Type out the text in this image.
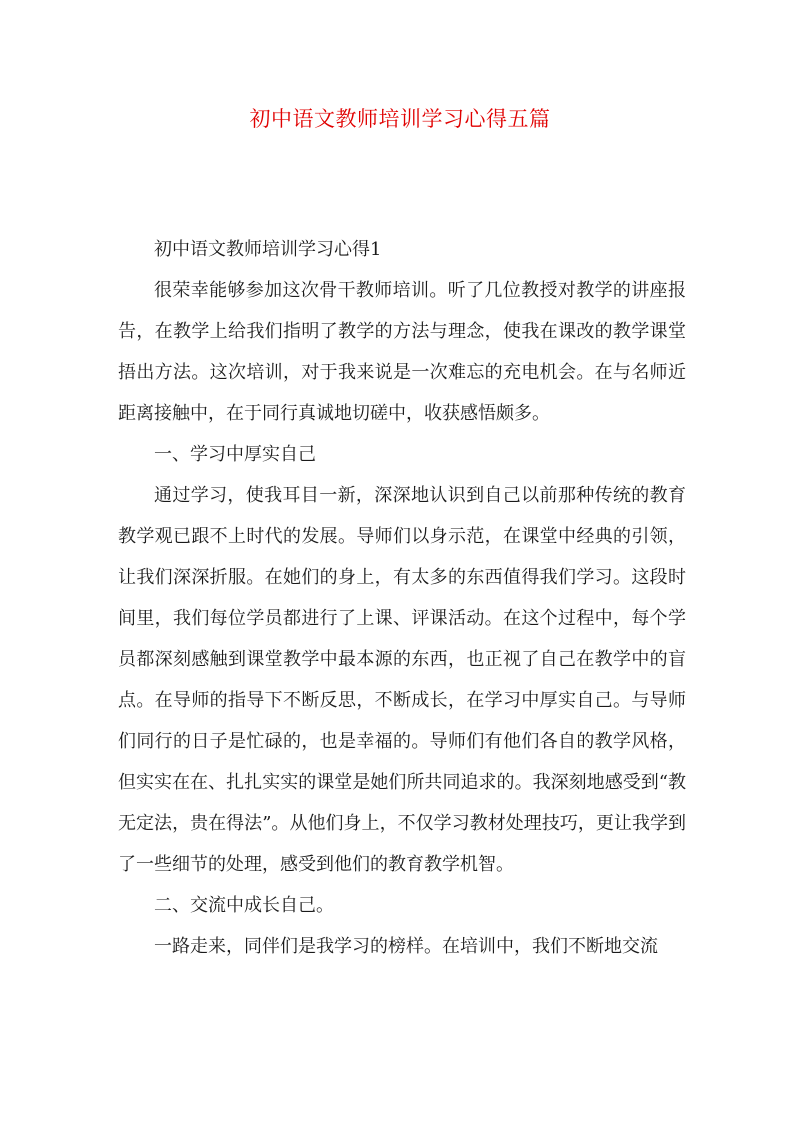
初中语文教师培训学习心得五篇

初中语文教师培训学习心得1

很荣幸能够参加这次骨干教师培训。听了几位教授对教学的讲座报告，在教学上给我们指明了教学的方法与理念，使我在课改的教学课堂捂出方法。这次培训，对于我来说是一次难忘的充电机会。在与名师近距离接触中，在于同行真诚地切磋中，收获感悟颇多。

一、学习中厚实自己

通过学习，使我耳目一新，深深地认识到自己以前那种传统的教育教学观已跟不上时代的发展。导师们以身示范，在课堂中经典的引领，让我们深深折服。在她们的身上，有太多的东西值得我们学习。这段时间里，我们每位学员都进行了上课、评课活动。在这个过程中，每个学员都深刻感触到课堂教学中最本源的东西，也正视了自己在教学中的盲点。在导师的指导下不断反思，不断成长，在学习中厚实自己。与导师们同行的日子是忙碌的，也是幸福的。导师们有他们各自的教学风格，但实实在在、扎扎实实的课堂是她们所共同追求的。我深刻地感受到“教无定法，贵在得法”。从他们身上，不仅学习教材处理技巧，更让我学到了一些细节的处理，感受到他们的教育教学机智。

二、交流中成长自己。

一路走来，同伴们是我学习的榜样。在培训中，我们不断地交流
